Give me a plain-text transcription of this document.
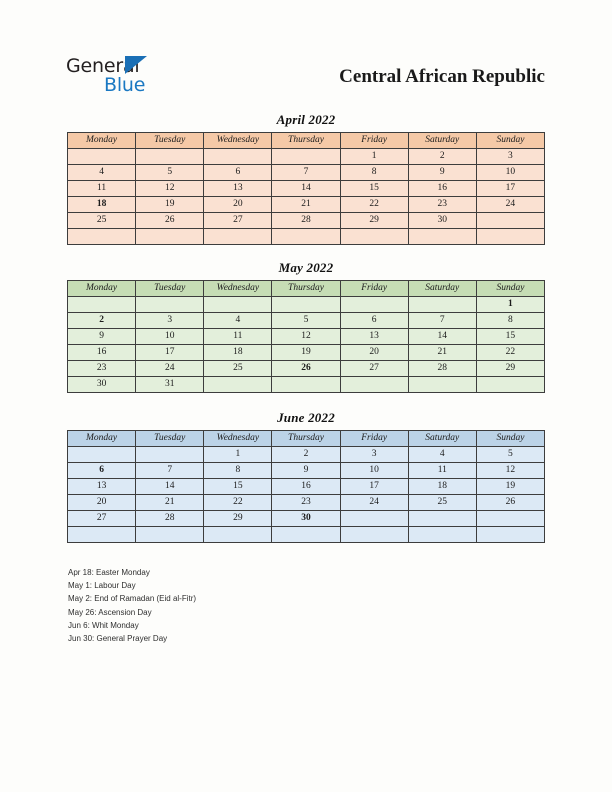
General
Blue	Central African Republic
April 2022
Monday	Tuesday	Wednesday	Thursday	Friday	Saturday	Sunday
				1	2	3
4	5	6	7	8	9	10
11	12	13	14	15	16	17
18	19	20	21	22	23	24
25	26	27	28	29	30	

May 2022
Monday	Tuesday	Wednesday	Thursday	Friday	Saturday	Sunday
						1
2	3	4	5	6	7	8
9	10	11	12	13	14	15
16	17	18	19	20	21	22
23	24	25	26	27	28	29
30	31					
June 2022
Monday	Tuesday	Wednesday	Thursday	Friday	Saturday	Sunday
		1	2	3	4	5
6	7	8	9	10	11	12
13	14	15	16	17	18	19
20	21	22	23	24	25	26
27	28	29	30			

Apr 18: Easter Monday
May 1: Labour Day
May 2: End of Ramadan (Eid al-Fitr)
May 26: Ascension Day
Jun 6: Whit Monday
Jun 30: General Prayer Day
